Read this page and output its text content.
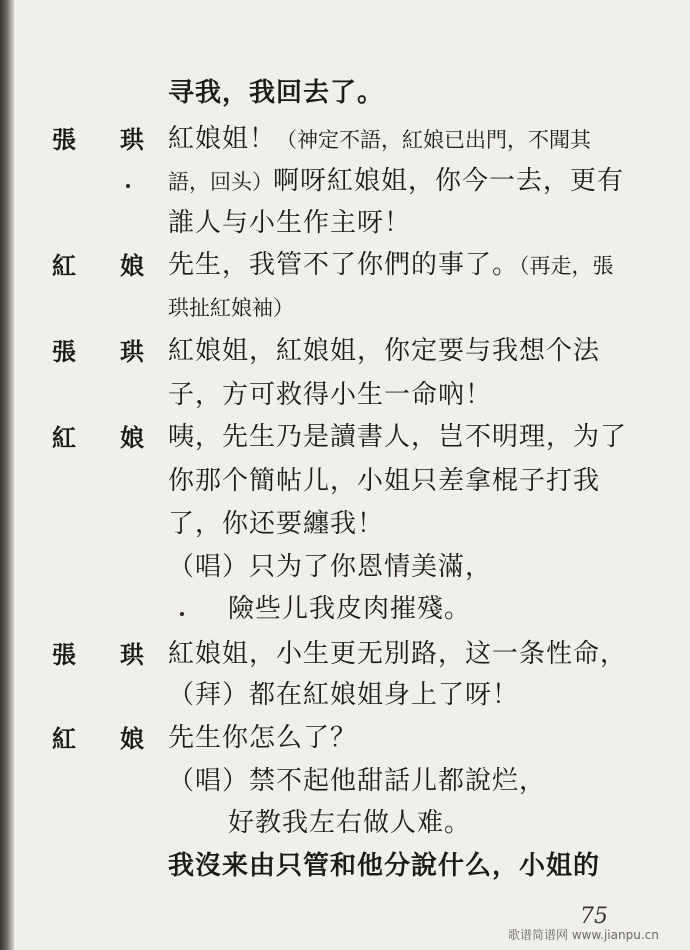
寻我，我回去了。
張 珙 紅娘姐！（神定不語，紅娘已出門，不聞其
語，回头）啊呀紅娘姐，你今一去，更有
誰人与小生作主呀！
紅 娘 先生，我管不了你們的事了。（再走，張
珙扯紅娘袖）
張 珙 紅娘姐，紅娘姐，你定要与我想个法
子，方可救得小生一命吶！
紅 娘 咦，先生乃是讀書人，岂不明理，为了
你那个簡帖儿，小姐只差拿棍子打我
了，你还要纏我！
（唱）只为了你恩情美滿，
險些儿我皮肉摧殘。
張 珙 紅娘姐，小生更无別路，这一条性命，
（拜）都在紅娘姐身上了呀！
紅 娘 先生你怎么了？
（唱）禁不起他甜話儿都說烂，
好教我左右做人难。
我沒来由只管和他分說什么，小姐的
75
歌谱简谱网 www.jianpu.cn
